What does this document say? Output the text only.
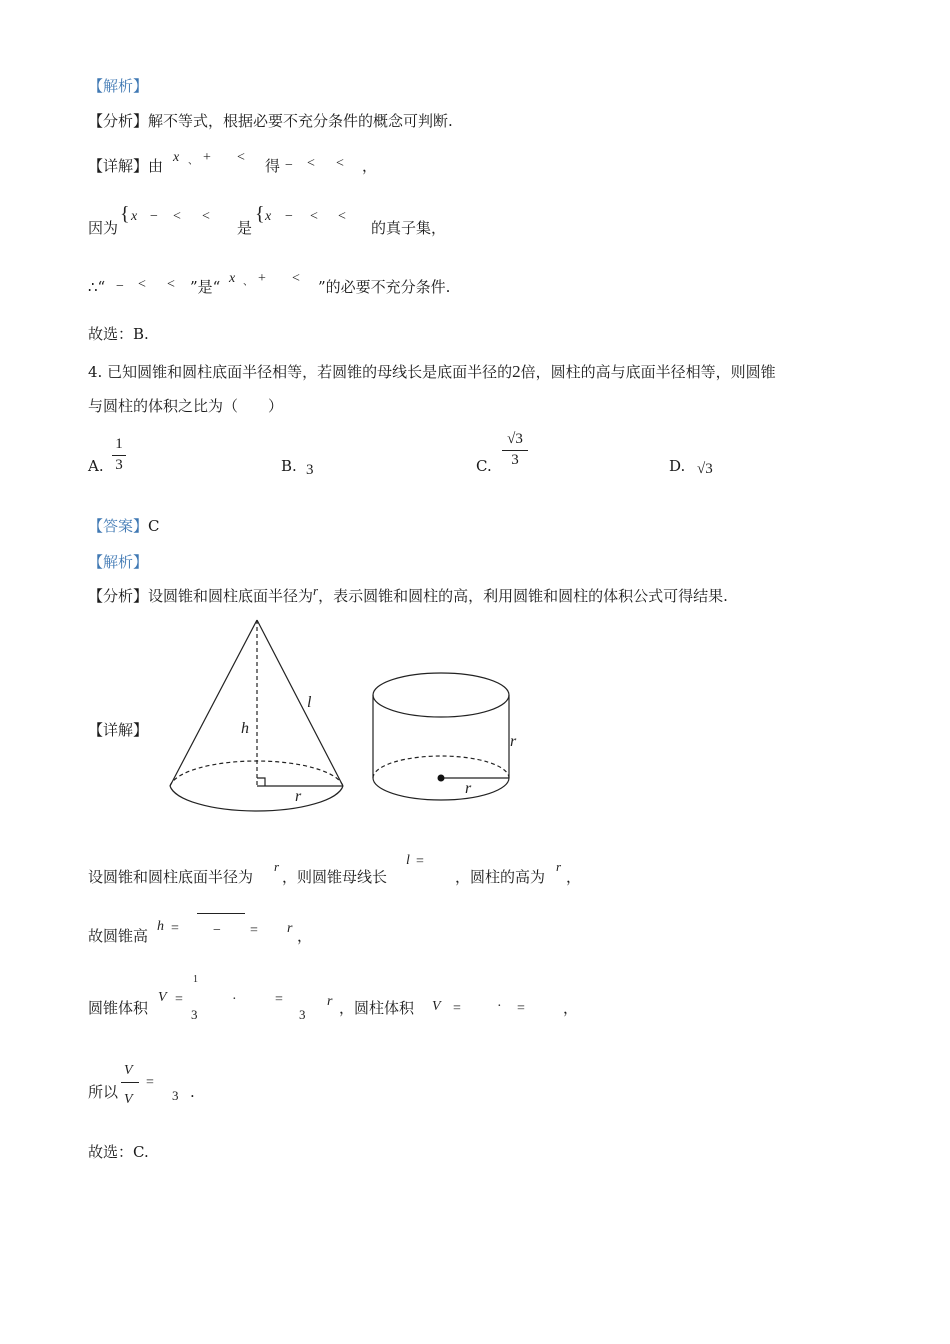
【解析】
【分析】解不等式，根据必要不充分条件的概念可判断.
【详解】由 x 、 + < 得 − < < ，
因为
{ x − < <
是
{ x − < <
的真子集，
∴“ − < < ”是“ x 、 + < ”的必要不充分条件.
故选：B.
4. 已知圆锥和圆柱底面半径相等，若圆锥的母线长是底面半径的2倍，圆柱的高与底面半径相等，则圆锥
与圆柱的体积之比为（　　）
A.
1
3	B. 3	C.
√3
3	D. √3
【答案】C
【解析】
【分析】设圆锥和圆柱底面半径为r，表示圆锥和圆柱的高，利用圆锥和圆柱的体积公式可得结果.
【详解】	h
l
r
r
r
设圆锥和圆柱底面半径为
r
，则圆锥母线长
l =
，圆柱的高为
r
，
故圆锥高
h = − = r ，
圆锥体积
V =
1
3
·	=
3
r ，圆柱体积 V =	· =	，
所以
V
V
=
3 .
故选：C.
